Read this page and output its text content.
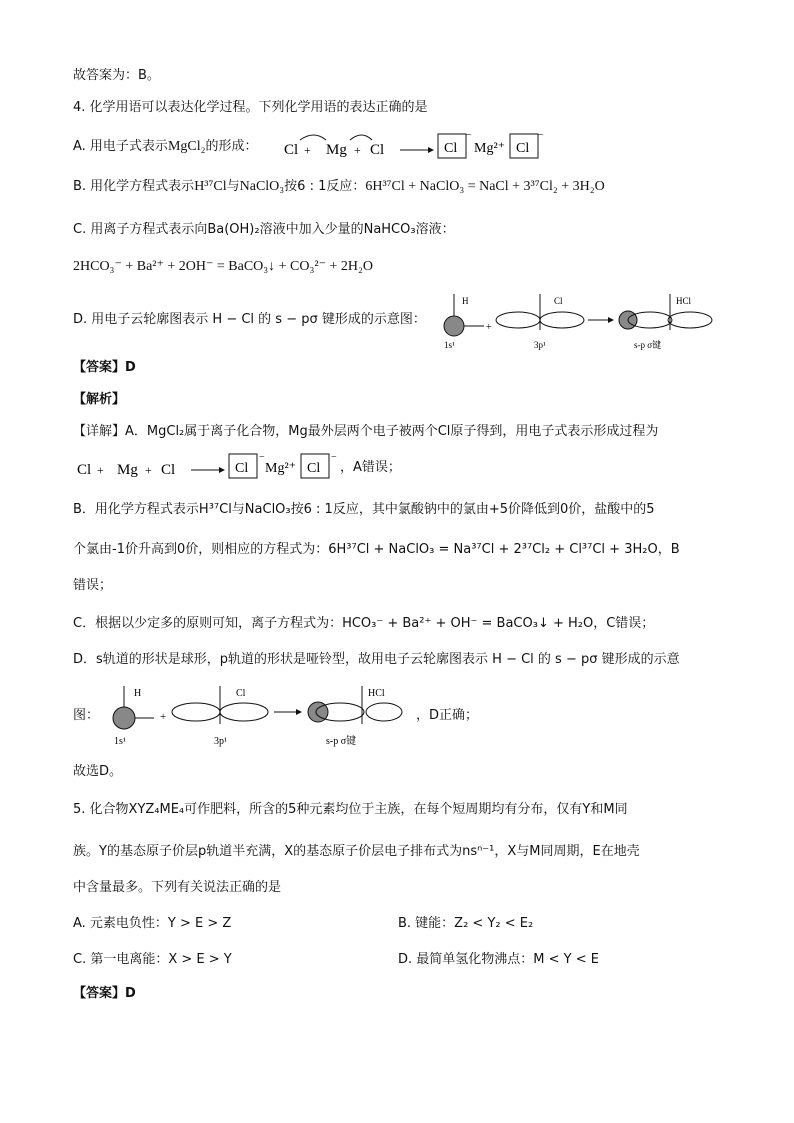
故答案为：B。
4. 化学用语可以表达化学过程。下列化学用语的表达正确的是
A. 用电子式表示MgCl₂的形成： Cl + Mg + Cl	Cl
−
Mg²⁺ Cl
−
B. 用化学方程式表示H³⁷Cl与NaClO₃按6 : 1反应：6H³⁷Cl + NaClO₃ = NaCl + 3³⁷Cl₂ + 3H₂O
C. 用离子方程式表示向Ba(OH)₂溶液中加入少量的NaHCO₃溶液：
2HCO₃⁻ + Ba²⁺ + 2OH⁻ = BaCO₃↓ + CO₃²⁻ + 2H₂O
D. 用电子云轮廓图表示 H − Cl 的 s − pσ 键形成的示意图：
H
1s¹
+
Cl
3p¹
HCl
s-p σ键
【答案】D
【解析】
【详解】A．MgCl₂属于离子化合物，Mg最外层两个电子被两个Cl原子得到，用电子式表示形成过程为
Cl + Mg + Cl	Cl
−
Mg²⁺ Cl
−
，A错误；
B．用化学方程式表示H³⁷Cl与NaClO₃按6 : 1反应，其中氯酸钠中的氯由+5价降低到0价，盐酸中的5
个氯由-1价升高到0价，则相应的方程式为：6H³⁷Cl + NaClO₃ = Na³⁷Cl + 2³⁷Cl₂ + Cl³⁷Cl + 3H₂O，B
错误；
C．根据以少定多的原则可知，离子方程式为：HCO₃⁻ + Ba²⁺ + OH⁻ = BaCO₃↓ + H₂O，C错误；
D．s轨道的形状是球形，p轨道的形状是哑铃型，故用电子云轮廓图表示 H − Cl 的 s − pσ 键形成的示意
图：
H
1s¹
+
Cl
3p¹
HCl
s-p σ键
，D正确；
故选D。
5. 化合物XYZ₄ME₄可作肥料，所含的5种元素均位于主族，在每个短周期均有分布，仅有Y和M同
族。Y的基态原子价层p轨道半充满，X的基态原子价层电子排布式为nsⁿ⁻¹，X与M同周期，E在地壳
中含量最多。下列有关说法正确的是
A. 元素电负性：Y > E > Z	B. 键能：Z₂ < Y₂ < E₂
C. 第一电离能：X > E > Y	D. 最简单氢化物沸点：M < Y < E
【答案】D
